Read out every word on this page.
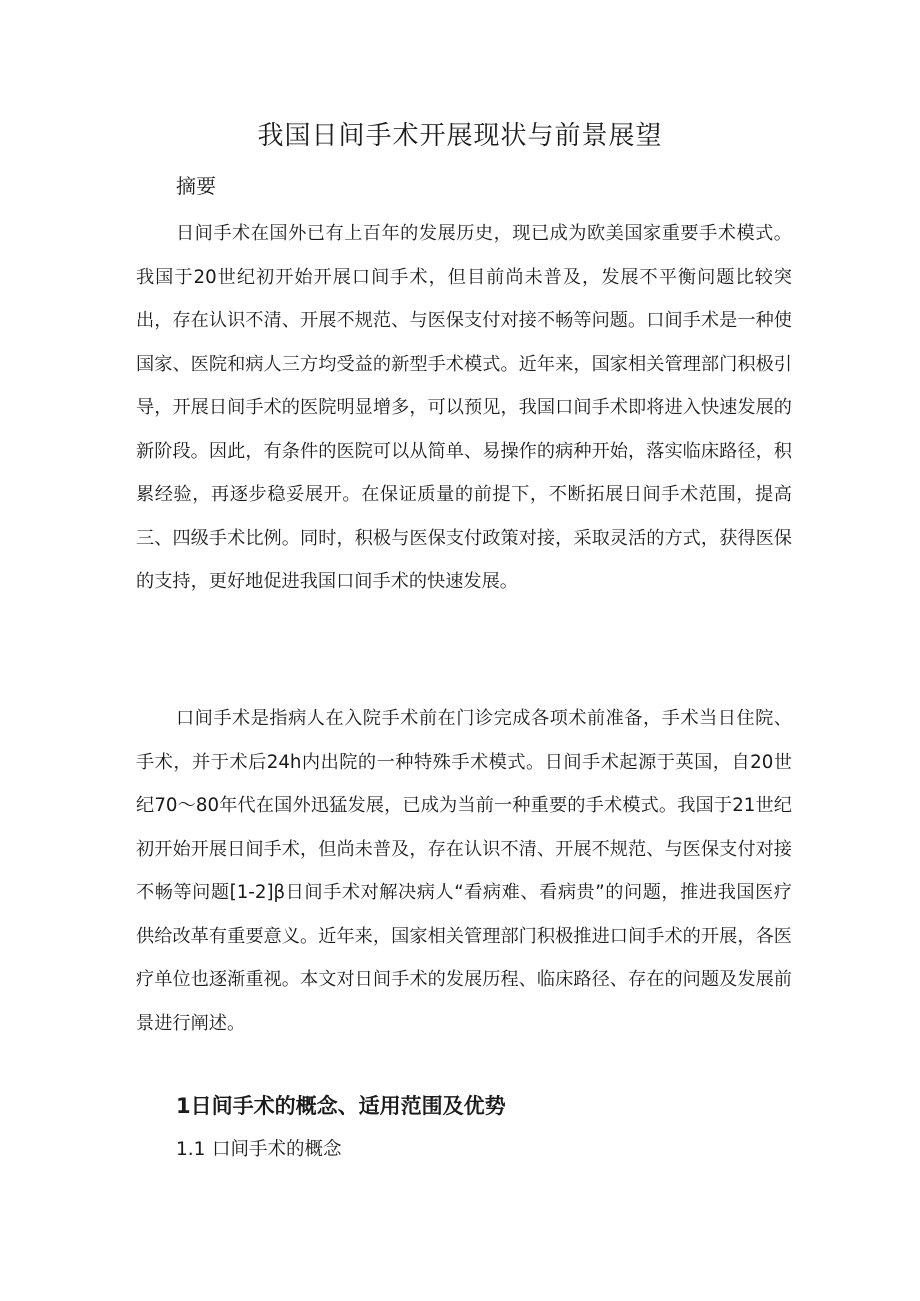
我国日间手术开展现状与前景展望
摘要

日间手术在国外已有上百年的发展历史，现已成为欧美国家重要手术模式。我国于20世纪初开始开展口间手术，但目前尚未普及，发展不平衡问题比较突出，存在认识不清、开展不规范、与医保支付对接不畅等问题。口间手术是一种使国家、医院和病人三方均受益的新型手术模式。近年来，国家相关管理部门积极引导，开展日间手术的医院明显增多，可以预见，我国口间手术即将进入快速发展的新阶段。因此，有条件的医院可以从简单、易操作的病种开始，落实临床路径，积累经验，再逐步稳妥展开。在保证质量的前提下，不断拓展日间手术范围，提高三、四级手术比例。同时，积极与医保支付政策对接，采取灵活的方式，获得医保的支持，更好地促进我国口间手术的快速发展。

口间手术是指病人在入院手术前在门诊完成各项术前准备，手术当日住院、手术，并于术后24h内出院的一种特殊手术模式。日间手术起源于英国，自20世纪70〜80年代在国外迅猛发展，已成为当前一种重要的手术模式。我国于21世纪初开始开展日间手术，但尚未普及，存在认识不清、开展不规范、与医保支付对接不畅等问题[1-2]β日间手术对解决病人“看病难、看病贵”的问题，推进我国医疗供给改革有重要意义。近年来，国家相关管理部门积极推进口间手术的开展，各医疗单位也逐渐重视。本文对日间手术的发展历程、临床路径、存在的问题及发展前景进行阐述。

1日间手术的概念、适用范围及优势
1.1 口间手术的概念
